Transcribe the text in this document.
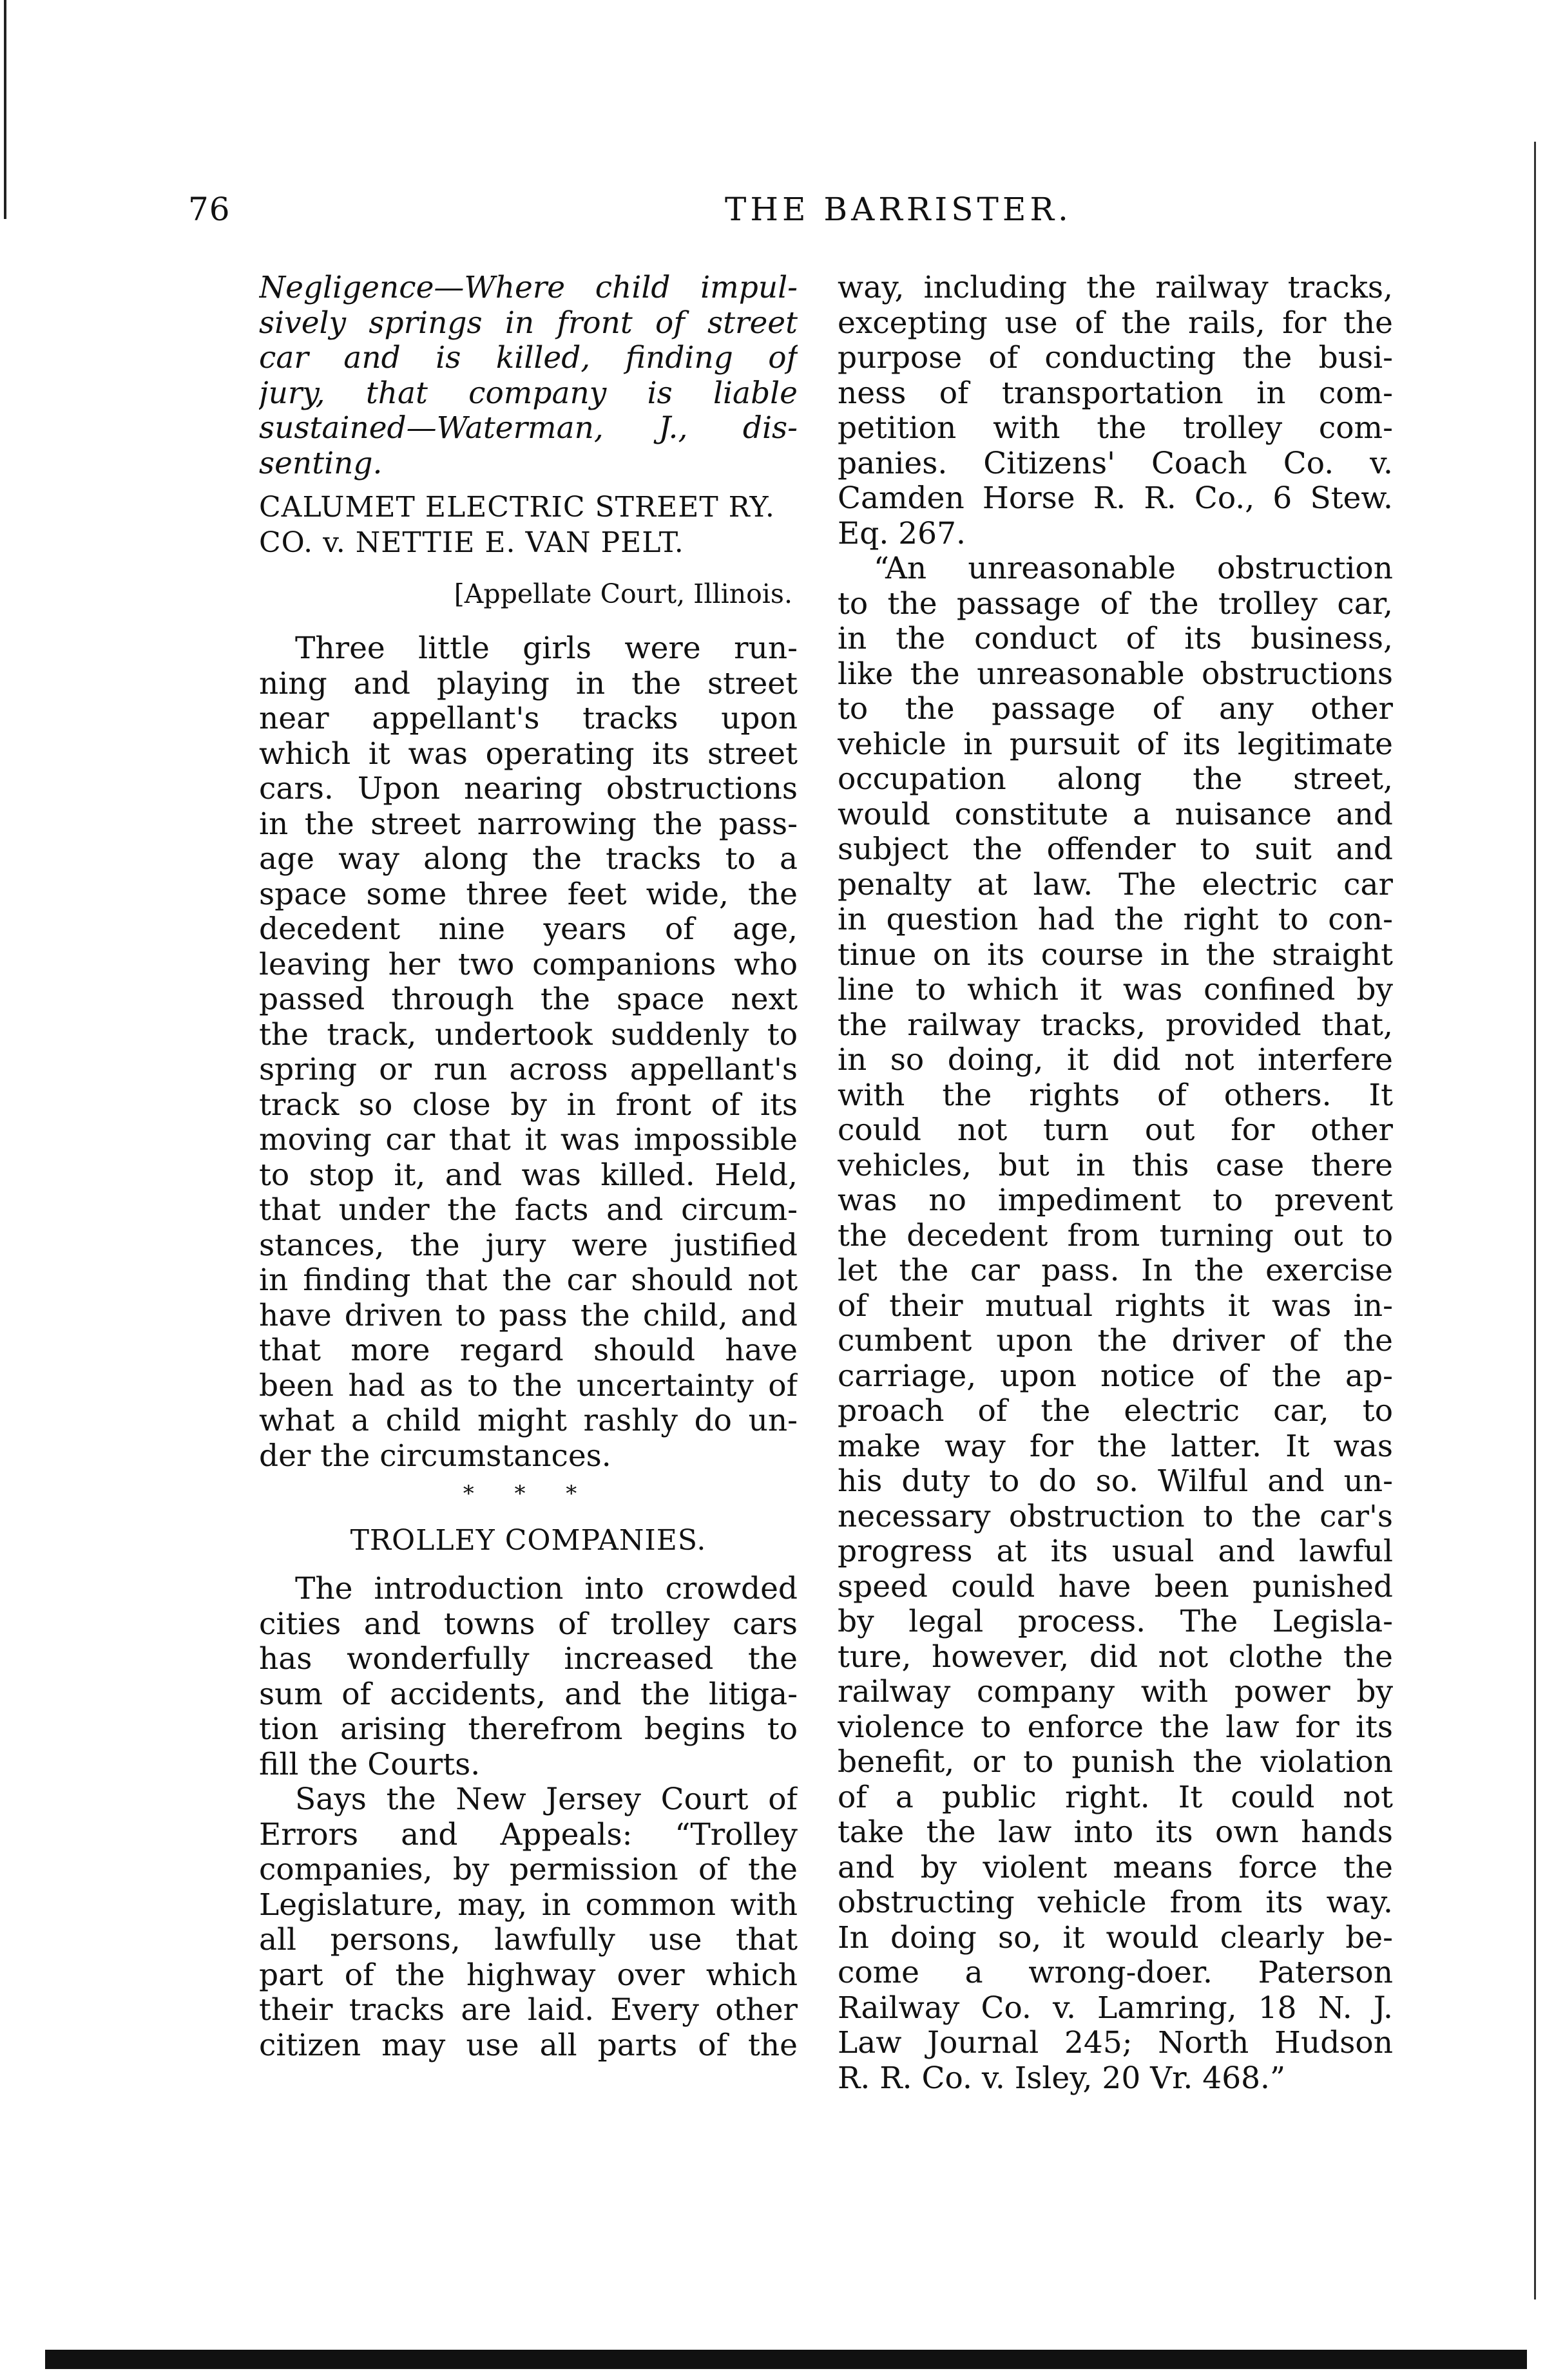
76	THE BARRISTER.
Negligence—Where child impul-
sively springs in front of street
car and is killed, finding of
jury, that company is liable
sustained—Waterman, J., dis-
senting.
CALUMET ELECTRIC STREET RY.
CO. v. NETTIE E. VAN PELT.
[Appellate Court, Illinois.
Three little girls were run-
ning and playing in the street
near appellant's tracks upon
which it was operating its street
cars. Upon nearing obstructions
in the street narrowing the pass-
age way along the tracks to a
space some three feet wide, the
decedent nine years of age,
leaving her two companions who
passed through the space next
the track, undertook suddenly to
spring or run across appellant's
track so close by in front of its
moving car that it was impossible
to stop it, and was killed. Held,
that under the facts and circum-
stances, the jury were justified
in finding that the car should not
have driven to pass the child, and
that more regard should have
been had as to the uncertainty of
what a child might rashly do un-
der the circumstances.
* * *
TROLLEY COMPANIES.
The introduction into crowded
cities and towns of trolley cars
has wonderfully increased the
sum of accidents, and the litiga-
tion arising therefrom begins to
fill the Courts.
Says the New Jersey Court of
Errors and Appeals: “Trolley
companies, by permission of the
Legislature, may, in common with
all persons, lawfully use that
part of the highway over which
their tracks are laid. Every other
citizen may use all parts of the
way, including the railway tracks,
excepting use of the rails, for the
purpose of conducting the busi-
ness of transportation in com-
petition with the trolley com-
panies. Citizens' Coach Co. v.
Camden Horse R. R. Co., 6 Stew.
Eq. 267.
“An unreasonable obstruction
to the passage of the trolley car,
in the conduct of its business,
like the unreasonable obstructions
to the passage of any other
vehicle in pursuit of its legitimate
occupation along the street,
would constitute a nuisance and
subject the offender to suit and
penalty at law. The electric car
in question had the right to con-
tinue on its course in the straight
line to which it was confined by
the railway tracks, provided that,
in so doing, it did not interfere
with the rights of others. It
could not turn out for other
vehicles, but in this case there
was no impediment to prevent
the decedent from turning out to
let the car pass. In the exercise
of their mutual rights it was in-
cumbent upon the driver of the
carriage, upon notice of the ap-
proach of the electric car, to
make way for the latter. It was
his duty to do so. Wilful and un-
necessary obstruction to the car's
progress at its usual and lawful
speed could have been punished
by legal process. The Legisla-
ture, however, did not clothe the
railway company with power by
violence to enforce the law for its
benefit, or to punish the violation
of a public right. It could not
take the law into its own hands
and by violent means force the
obstructing vehicle from its way.
In doing so, it would clearly be-
come a wrong-doer. Paterson
Railway Co. v. Lamring, 18 N. J.
Law Journal 245; North Hudson
R. R. Co. v. Isley, 20 Vr. 468.”
